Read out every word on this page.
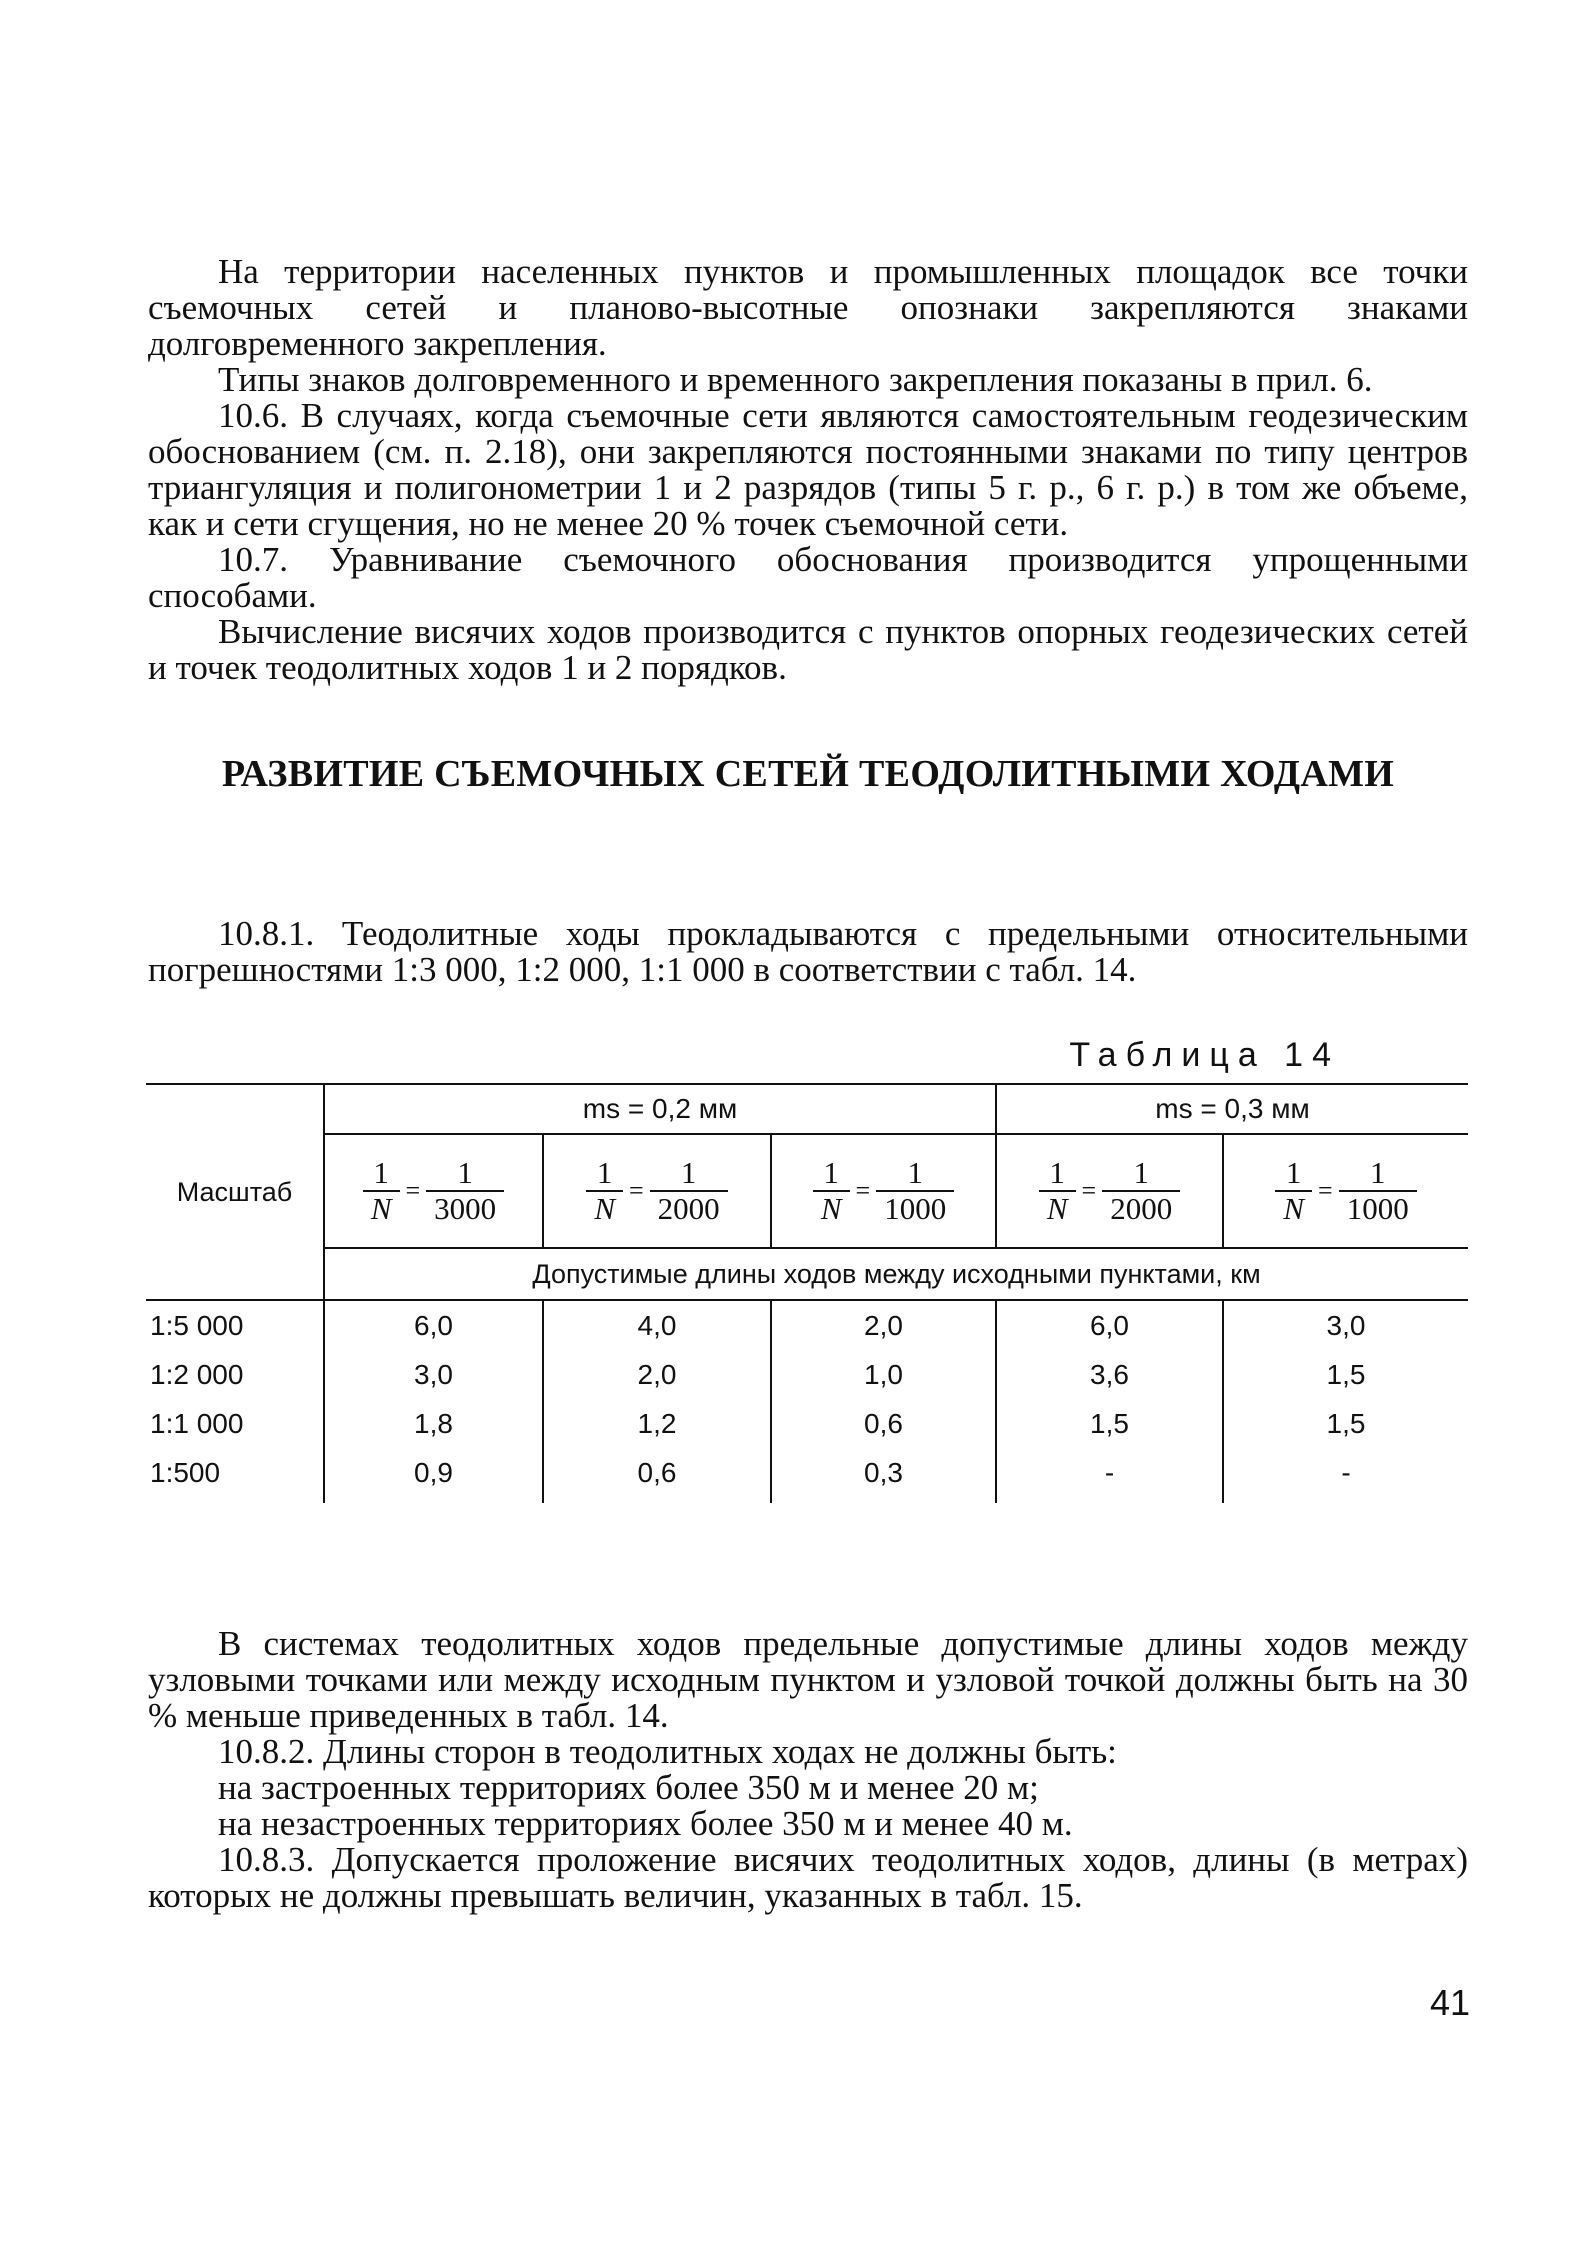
На территории населенных пунктов и промышленных площадок все точки съемочных сетей и планово-высотные опознаки закрепляются знаками долговременного закрепления.

Типы знаков долговременного и временного закрепления показаны в прил. 6.

10.6. В случаях, когда съемочные сети являются самостоятельным геодезическим обоснованием (см. п. 2.18), они закрепляются постоянными знаками по типу центров триангуляция и полигонометрии 1 и 2 разрядов (типы 5 г. р., 6 г. р.) в том же объеме, как и сети сгущения, но не менее 20 % точек съемочной сети.

10.7. Уравнивание съемочного обоснования производится упрощенными способами.

Вычисление висячих ходов производится с пунктов опорных геодезических сетей и точек теодолитных ходов 1 и 2 порядков.

РАЗВИТИЕ СЪЕМОЧНЫХ СЕТЕЙ ТЕОДОЛИТНЫМИ ХОДАМИ

10.8.1. Теодолитные ходы прокладываются с предельными относительными погрешностями 1:3 000, 1:2 000, 1:1 000 в соответствии с табл. 14.

Таблица 14
Масштаб	ms = 0,2 мм			ms = 0,3 мм	

	$\frac{1}{N} = \frac{1}{3000}$	$\frac{1}{N} = \frac{1}{2000}$	$\frac{1}{N} = \frac{1}{1000}$	$\frac{1}{N} = \frac{1}{2000}$	$\frac{1}{N} = \frac{1}{1000}$

	Допустимые длины ходов между исходными пунктами, км				
1:5 000	6,0	4,0	2,0	6,0	3,0
1:2 000	3,0	2,0	1,0	3,6	1,5
1:1 000	1,8	1,2	0,6	1,5	1,5
1:500	0,9	0,6	0,3	-	-

В системах теодолитных ходов предельные допустимые длины ходов между узловыми точками или между исходным пунктом и узловой точкой должны быть на 30 % меньше приведенных в табл. 14.

10.8.2. Длины сторон в теодолитных ходах не должны быть:

на застроенных территориях более 350 м и менее 20 м;

на незастроенных территориях более 350 м и менее 40 м.

10.8.3. Допускается проложение висячих теодолитных ходов, длины (в метрах) которых не должны превышать величин, указанных в табл. 15.

41
